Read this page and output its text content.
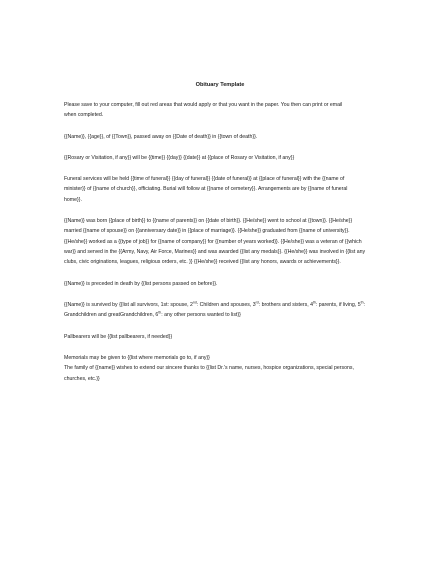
Obituary Template

Please save to your computer, fill out red areas that would apply or that you want in the paper. You then can print or email

when completed.

{{Name}}, {{age}}, of {{Town}}, passed away on {{Date of death}} in {{town of death}}.

{{Rosary or Visitation, if any}} will be {{time}} {{day}} {{date}} at {{place of Rosary or Visitation, if any}}

Funeral services will be held {{time of funeral}} {{day of funeral}} {{date of funeral}} at {{place of funeral}} with the {{name of

minister}} of {{name of church}}, officiating. Burial will follow at {{name of cemetery}}. Arrangements are by {{name of funeral

home}}.

{{Name}} was born {{place of birth}} to {{name of parents}} on {{date of birth}}. {{He/she}} went to school at {{town}}. {{He/she}}

married {{name of spouse}} on {{anniversary date}} in {{place of marriage}}. {{He/she}} graduated from {{name of university}}.

{{He/she}} worked as a {{type of job}} for {{name of company}} for {{number of years worked}}. {{He/she}} was a veteran of {{which

war}} and served in the {{Army, Navy, Air Force, Marines}} and was awarded {{list any medals}}. {{He/she}} was involved in {{list any

clubs, civic originations, leagues, religious orders, etc. }} {{He/she}} received {{list any honors, awards or achievements}}.

{{Name}} is preceded in death by {{list persons passed on before}}.

{{Name}} is survived by {{list all survivors, 1st: spouse, 2nd: Children and spouses, 3rd: brothers and sisters, 4th: parents, if living, 5th:

Grandchildren and greatGrandchildren, 6th: any other persons wanted to list}}

Pallbearers will be {{list pallbearers, if needed}}

Memorials may be given to {{list where memorials go to, if any}}

The family of {{name}} wishes to extend our sincere thanks to {{list Dr.'s name, nurses, hospice organizations, special persons,

churches, etc.}}
